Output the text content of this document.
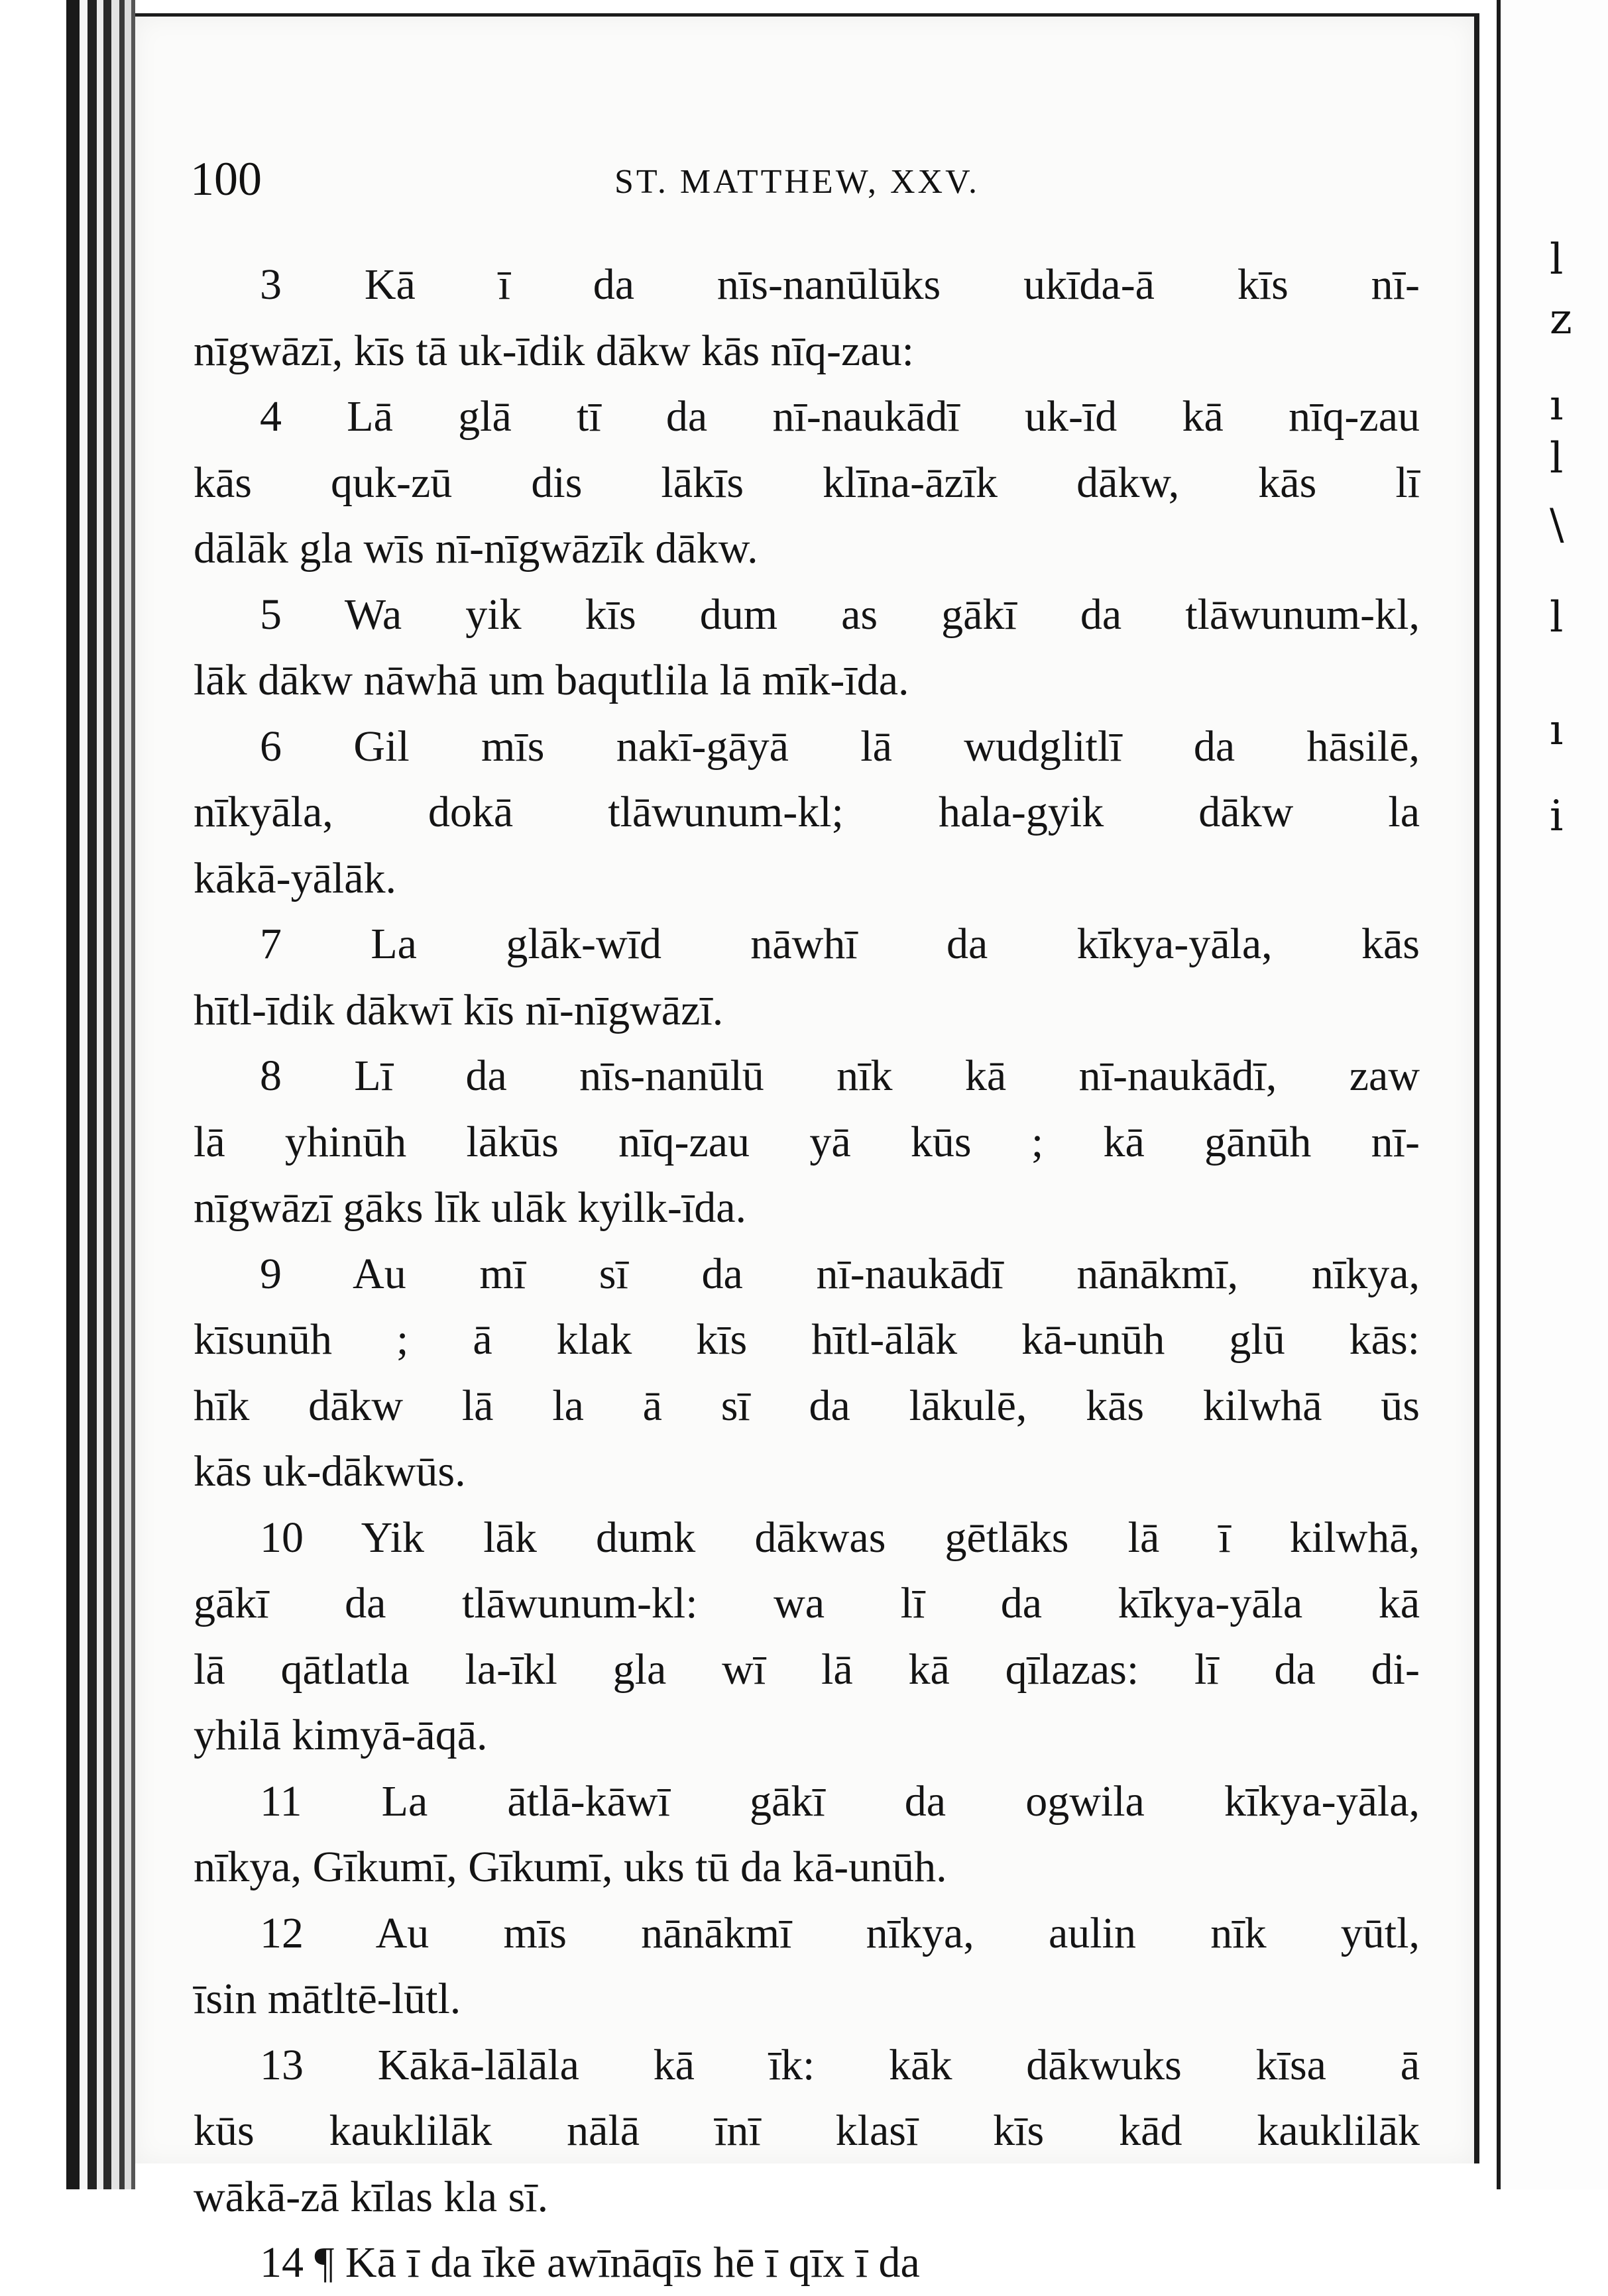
l
z
ı
l
\
l
ı
i
100	ST. MATTHEW, XXV.
3 Kā ī da nīs-nanūlūks ukīda-ā kīs nī-
nīgwāzī, kīs tā uk-īdik dākw kās nīq-zau:
4 Lā glā tī da nī-naukādī uk-īd kā nīq-zau
kās quk-zū dis lākīs klīna-āzīk dākw, kās lī
dālāk gla wīs nī-nīgwāzīk dākw.
5 Wa yik kīs dum as gākī da tlāwunum-kl,
lāk dākw nāwhā um baqutlila lā mīk-īda.
6 Gil mīs nakī-gāyā lā wudglitlī da hāsilē,
nīkyāla, dokā tlāwunum-kl; hala-gyik dākw la
kākā-yālāk.
7 La glāk-wīd nāwhī da kīkya-yāla, kās
hītl-īdik dākwī kīs nī-nīgwāzī.
8 Lī da nīs-nanūlū nīk kā nī-naukādī, zaw
lā yhinūh lākūs nīq-zau yā kūs ; kā gānūh nī-
nīgwāzī gāks līk ulāk kyilk-īda.
9 Au mī sī da nī-naukādī nānākmī, nīkya,
kīsunūh ; ā klak kīs hītl-ālāk kā-unūh glū kās:
hīk dākw lā la ā sī da lākulē, kās kilwhā ūs
kās uk-dākwūs.
10 Yik lāk dumk dākwas gētlāks lā ī kilwhā,
gākī da tlāwunum-kl: wa lī da kīkya-yāla kā
lā qātlatla la-īkl gla wī lā kā qīlazas: lī da di-
yhilā kimyā-āqā.
11 La ātlā-kāwī gākī da ogwila kīkya-yāla,
nīkya, Gīkumī, Gīkumī, uks tū da kā-unūh.
12 Au mīs nānākmī nīkya, aulin nīk yūtl,
īsin mātltē-lūtl.
13 Kākā-lālāla kā īk: kāk dākwuks kīsa ā
kūs kauklilāk nālā īnī klasī kīs kād kauklilāk
wākā-zā kīlas kla sī.
14 ¶ Kā ī da īkē awīnāqīs hē ī qīx ī da
